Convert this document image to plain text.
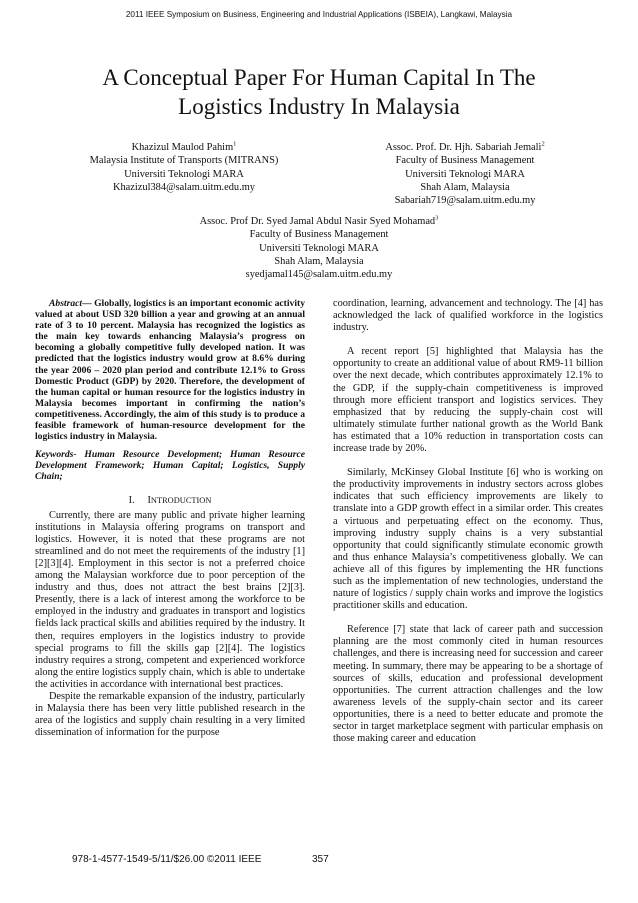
2011 IEEE Symposium on Business, Engineering and Industrial Applications (ISBEIA), Langkawi, Malaysia
A Conceptual Paper For Human Capital In The Logistics Industry In Malaysia
Khazizul Maulod Pahim$^1$
Malaysia Institute of Transports (MITRANS)
Universiti Teknologi MARA
Khazizul384@salam.uitm.edu.my
Assoc. Prof. Dr. Hjh. Sabariah Jemali$^2$
Faculty of Business Management
Universiti Teknologi MARA
Shah Alam, Malaysia
Sabariah719@salam.uitm.edu.my
Assoc. Prof Dr. Syed Jamal Abdul Nasir Syed Mohamad$^3$
Faculty of Business Management
Universiti Teknologi MARA
Shah Alam, Malaysia
syedjamal145@salam.uitm.edu.my

Abstract— Globally, logistics is an important economic activity valued at about USD 320 billion a year and growing at an annual rate of 3 to 10 percent. Malaysia has recognized the logistics as the main key towards enhancing Malaysia’s progress on becoming a globally competitive fully developed nation. It was predicted that the logistics industry would grow at 8.6% during the year 2006 – 2020 plan period and contribute 12.1% to Gross Domestic Product (GDP) by 2020. Therefore, the development of the human capital or human resource for the logistics industry in Malaysia becomes important in confirming the nation’s competitiveness. Accordingly, the aim of this study is to produce a feasible framework of human-resource development for the logistics industry in Malaysia.

Keywords- Human Resource Development; Human Resource Development Framework; Human Capital; Logistics, Supply Chain;

I. INTRODUCTION

Currently, there are many public and private higher learning institutions in Malaysia offering programs on transport and logistics. However, it is noted that these programs are not streamlined and do not meet the requirements of the industry [1][2][3][4]. Employment in this sector is not a preferred choice among the Malaysian workforce due to poor perception of the industry and thus, does not attract the best brains [2][3]. Presently, there is a lack of interest among the workforce to be employed in the industry and graduates in transport and logistics fields lack practical skills and abilities required by the industry. It then, requires employers in the logistics industry to provide special programs to fill the skills gap [2][4]. The logistics industry requires a strong, competent and experienced workforce along the entire logistics supply chain, which is able to undertake the activities in accordance with international best practices.

Despite the remarkable expansion of the industry, particularly in Malaysia there has been very little published research in the area of the logistics and supply chain resulting in a very limited dissemination of information for the purpose

coordination, learning, advancement and technology. The [4] has acknowledged the lack of qualified workforce in the logistics industry.

A recent report [5] highlighted that Malaysia has the opportunity to create an additional value of about RM9-11 billion over the next decade, which contributes approximately 12.1% to the GDP, if the supply-chain competitiveness is improved through more efficient transport and logistics services. They emphasized that by reducing the supply-chain cost will ultimately stimulate further national growth as the World Bank has estimated that a 10% reduction in transportation costs can increase trade by 20%.

Similarly, McKinsey Global Institute [6] who is working on the productivity improvements in industry sectors across globes indicates that such efficiency improvements are likely to translate into a GDP growth effect in a similar order. This creates a virtuous and perpetuating effect on the economy. Thus, improving industry supply chains is a very substantial opportunity that could significantly stimulate economic growth and thus enhance Malaysia’s competitiveness globally. We can achieve all of this figures by implementing the HR functions such as the implementation of new technologies, understand the nature of logistics / supply chain works and improve the logistics practitioner skills and education.

Reference [7] state that lack of career path and succession planning are the most commonly cited in human resources challenges, and there is increasing need for succession and career meeting. In summary, there may be appearing to be a shortage of sources of skills, education and professional development opportunities. The current attraction challenges and the low awareness levels of the supply-chain sector and its career opportunities, there is a need to better educate and promote the sector in target marketplace segment with particular emphasis on those making career and education

978-1-4577-1549-5/11/$26.00 ©2011 IEEE	357
